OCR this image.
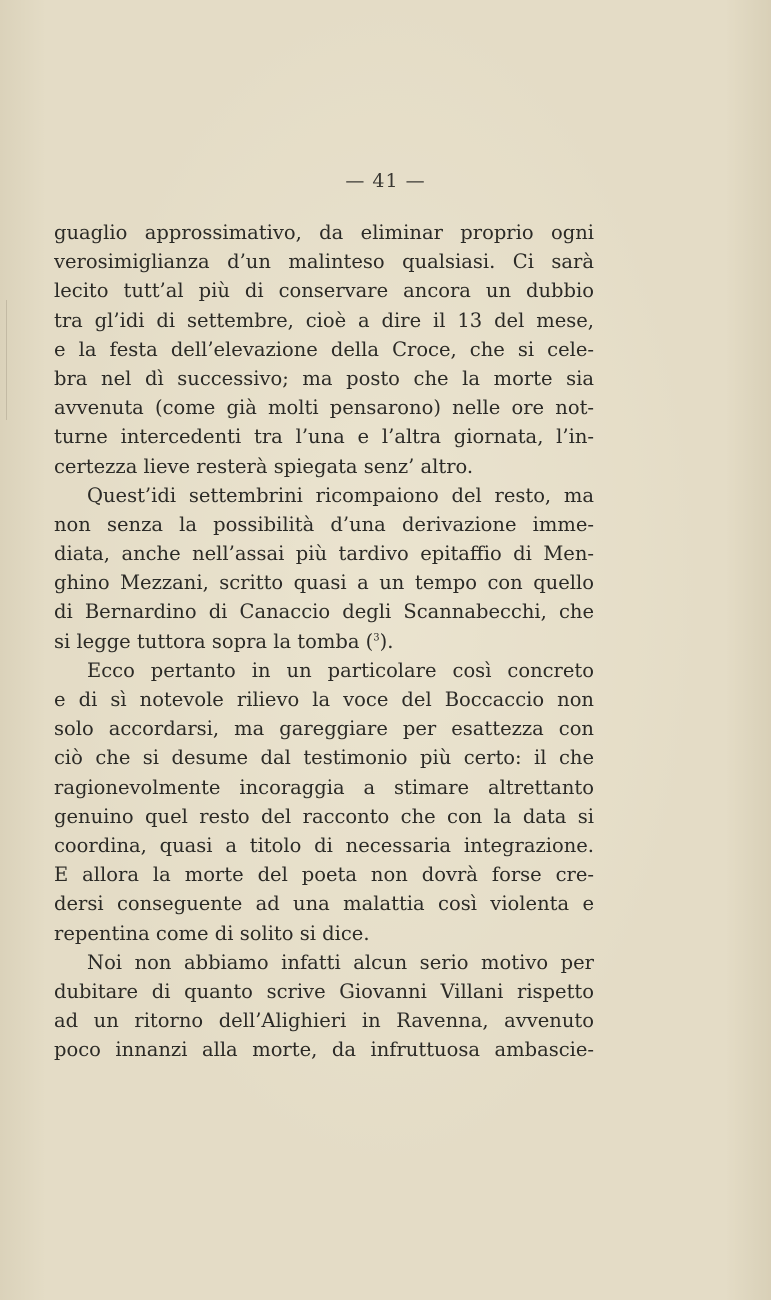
— 41 —
guaglio approssimativo, da eliminar proprio ogni
verosimiglianza d’un malinteso qualsiasi. Ci sarà
lecito tutt’al più di conservare ancora un dubbio
tra gl’idi di settembre, cioè a dire il 13 del mese,
e la festa dell’elevazione della Croce, che si cele-
bra nel dì successivo; ma posto che la morte sia
avvenuta (come già molti pensarono) nelle ore not-
turne intercedenti tra l’una e l’altra giornata, l’in-
certezza lieve resterà spiegata senz’ altro.
Quest’idi settembrini ricompaiono del resto, ma
non senza la possibilità d’una derivazione imme-
diata, anche nell’assai più tardivo epitaffio di Men-
ghino Mezzani, scritto quasi a un tempo con quello
di Bernardino di Canaccio degli Scannabecchi, che
si legge tuttora sopra la tomba ($^3$).
Ecco pertanto in un particolare così concreto
e di sì notevole rilievo la voce del Boccaccio non
solo accordarsi, ma gareggiare per esattezza con
ciò che si desume dal testimonio più certo: il che
ragionevolmente incoraggia a stimare altrettanto
genuino quel resto del racconto che con la data si
coordina, quasi a titolo di necessaria integrazione.
E allora la morte del poeta non dovrà forse cre-
dersi conseguente ad una malattia così violenta e
repentina come di solito si dice.
Noi non abbiamo infatti alcun serio motivo per
dubitare di quanto scrive Giovanni Villani rispetto
ad un ritorno dell’Alighieri in Ravenna, avvenuto
poco innanzi alla morte, da infruttuosa ambascie-
